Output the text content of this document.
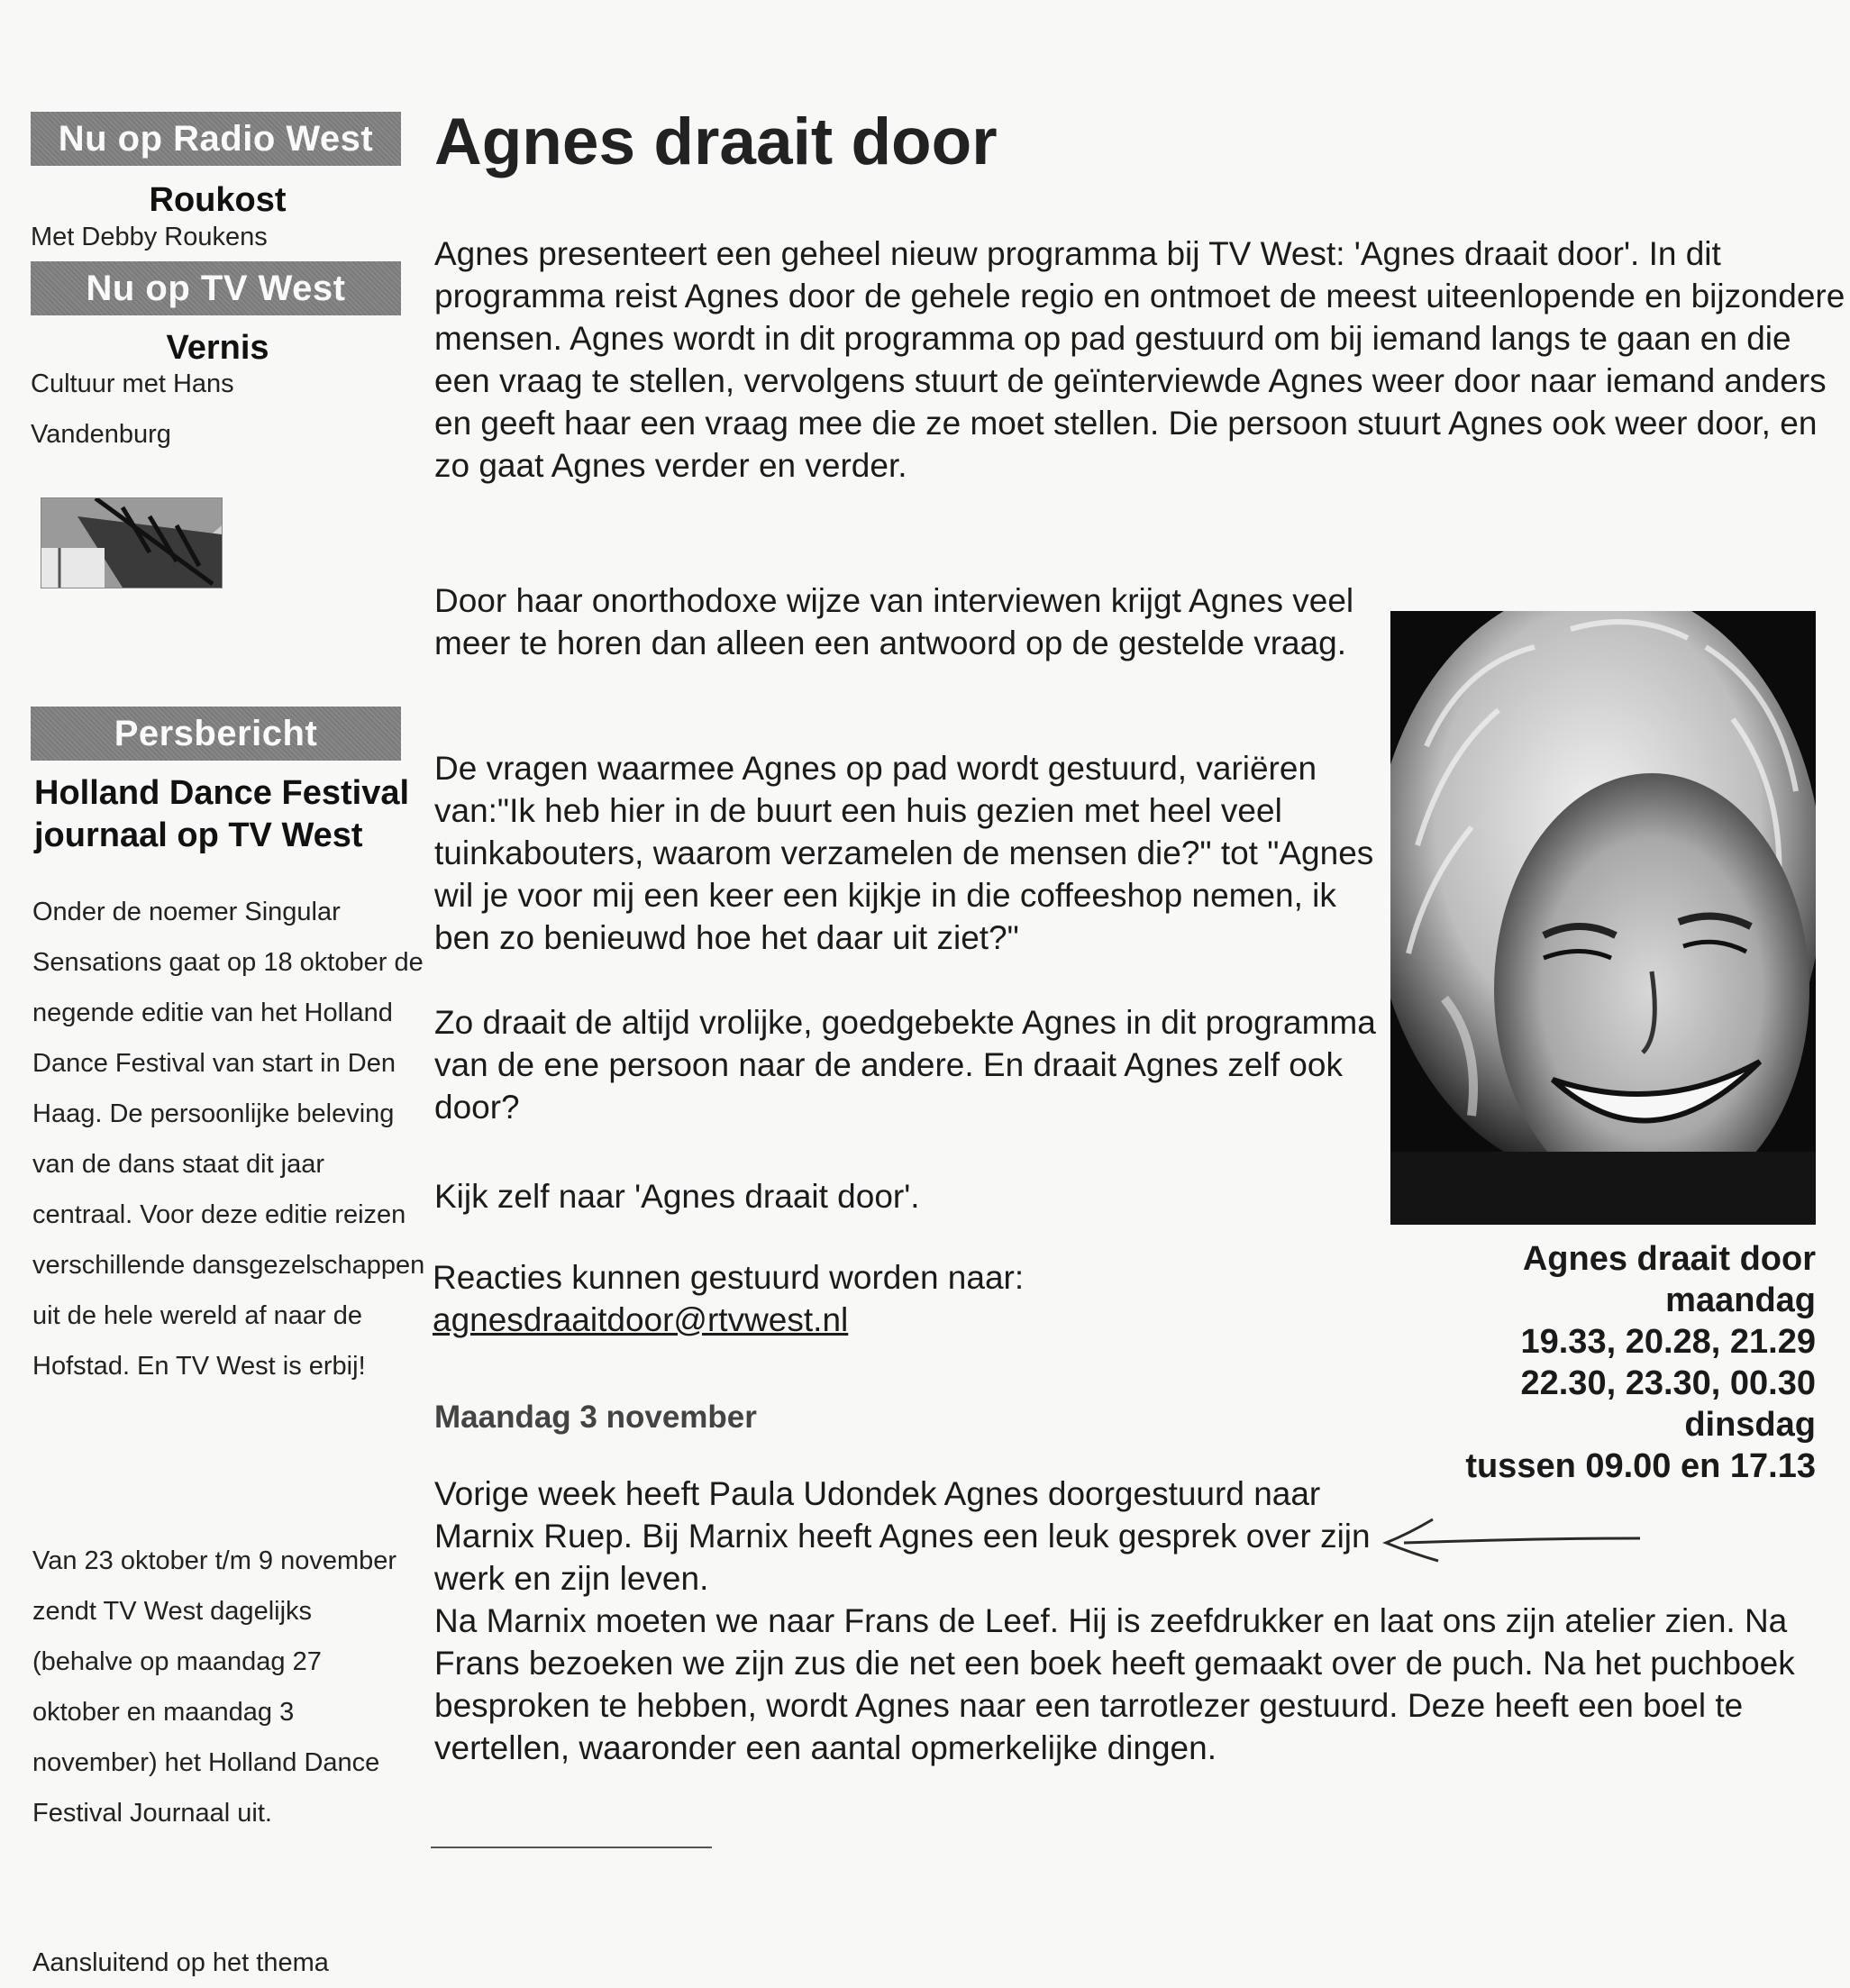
Nu op Radio West
Roukost
Met Debby Roukens
Nu op TV West
Vernis
Cultuur met Hans
Vandenburg
Persbericht
Holland Dance Festival journaal op TV West
Onder de noemer Singular Sensations gaat op 18 oktober de negende editie van het Holland Dance Festival van start in Den Haag. De persoonlijke beleving van de dans staat dit jaar centraal. Voor deze editie reizen verschillende dansgezelschappen uit de hele wereld af naar de Hofstad. En TV West is erbij!
Van 23 oktober t/m 9 november zendt TV West dagelijks (behalve op maandag 27 oktober en maandag 3 november) het Holland Dance Festival Journaal uit.
Aansluitend op het thema
Agnes draait door
Agnes presenteert een geheel nieuw programma bij TV West: 'Agnes draait door'. In dit programma reist Agnes door de gehele regio en ontmoet de meest uiteenlopende en bijzondere mensen. Agnes wordt in dit programma op pad gestuurd om bij iemand langs te gaan en die een vraag te stellen, vervolgens stuurt de geïnterviewde Agnes weer door naar iemand anders en geeft haar een vraag mee die ze moet stellen. Die persoon stuurt Agnes ook weer door, en zo gaat Agnes verder en verder.
Door haar onorthodoxe wijze van interviewen krijgt Agnes veel meer te horen dan alleen een antwoord op de gestelde vraag.
De vragen waarmee Agnes op pad wordt gestuurd, variëren van:"Ik heb hier in de buurt een huis gezien met heel veel tuinkabouters, waarom verzamelen de mensen die?" tot "Agnes wil je voor mij een keer een kijkje in die coffeeshop nemen, ik ben zo benieuwd hoe het daar uit ziet?"
Zo draait de altijd vrolijke, goedgebekte Agnes in dit programma van de ene persoon naar de andere. En draait Agnes zelf ook door?
Kijk zelf naar 'Agnes draait door'.
Reacties kunnen gestuurd worden naar:
agnesdraaitdoor@rtvwest.nl
Maandag 3 november
Vorige week heeft Paula Udondek Agnes doorgestuurd naar Marnix Ruep. Bij Marnix heeft Agnes een leuk gesprek over zijn werk en zijn leven.
Na Marnix moeten we naar Frans de Leef. Hij is zeefdrukker en laat ons zijn atelier zien. Na Frans bezoeken we zijn zus die net een boek heeft gemaakt over de puch. Na het puchboek besproken te hebben, wordt Agnes naar een tarrotlezer gestuurd. Deze heeft een boel te vertellen, waaronder een aantal opmerkelijke dingen.
Agnes draait door
maandag
19.33, 20.28, 21.29
22.30, 23.30, 00.30
dinsdag
tussen 09.00 en 17.13
